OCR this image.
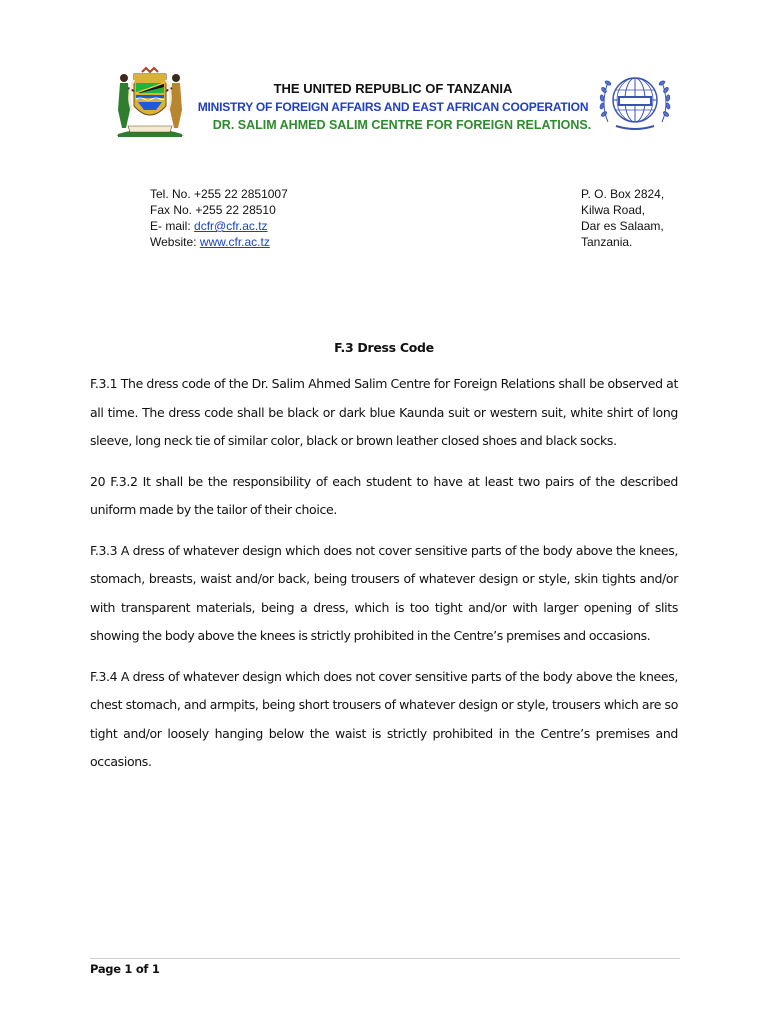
THE UNITED REPUBLIC OF TANZANIA
MINISTRY OF FOREIGN AFFAIRS AND EAST AFRICAN COOPERATION
DR. SALIM AHMED SALIM CENTRE FOR FOREIGN RELATIONS.
Tel. No. +255 22 2851007
Fax No. +255 22 28510
E- mail: dcfr@cfr.ac.tz
Website: www.cfr.ac.tz
P. O. Box 2824,
Kilwa Road,
Dar es Salaam,
Tanzania.
F.3 Dress Code

F.3.1 The dress code of the Dr. Salim Ahmed Salim Centre for Foreign Relations shall be observed at all time. The dress code shall be black or dark blue Kaunda suit or western suit, white shirt of long sleeve, long neck tie of similar color, black or brown leather closed shoes and black socks.

20 F.3.2 It shall be the responsibility of each student to have at least two pairs of the described uniform made by the tailor of their choice.

F.3.3 A dress of whatever design which does not cover sensitive parts of the body above the knees, stomach, breasts, waist and/or back, being trousers of whatever design or style, skin tights and/or with transparent materials, being a dress, which is too tight and/or with larger opening of slits showing the body above the knees is strictly prohibited in the Centre’s premises and occasions.

F.3.4 A dress of whatever design which does not cover sensitive parts of the body above the knees, chest stomach, and armpits, being short trousers of whatever design or style, trousers which are so tight and/or loosely hanging below the waist is strictly prohibited in the Centre’s premises and occasions.

Page 1 of 1
